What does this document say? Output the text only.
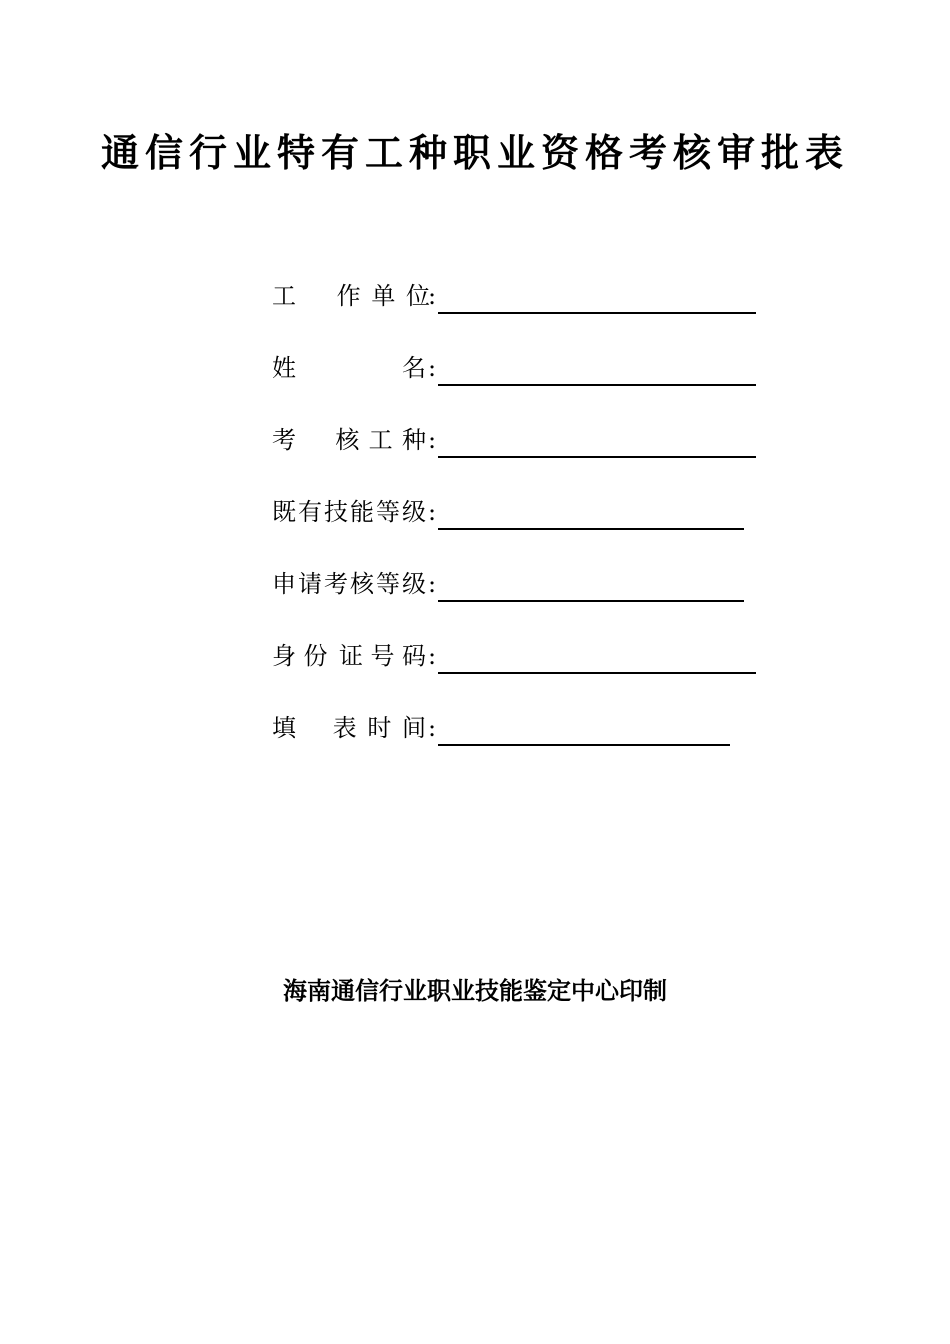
通信行业特有工种职业资格考核审批表
工 作 单 位
:
姓	名 :
考 核 工 种 :
既 有 技 能 等 级 :
申 请 考 核 等 级 :
身 份 证 号 码 :
填 表 时 间 :
海南通信行业职业技能鉴定中心印制
